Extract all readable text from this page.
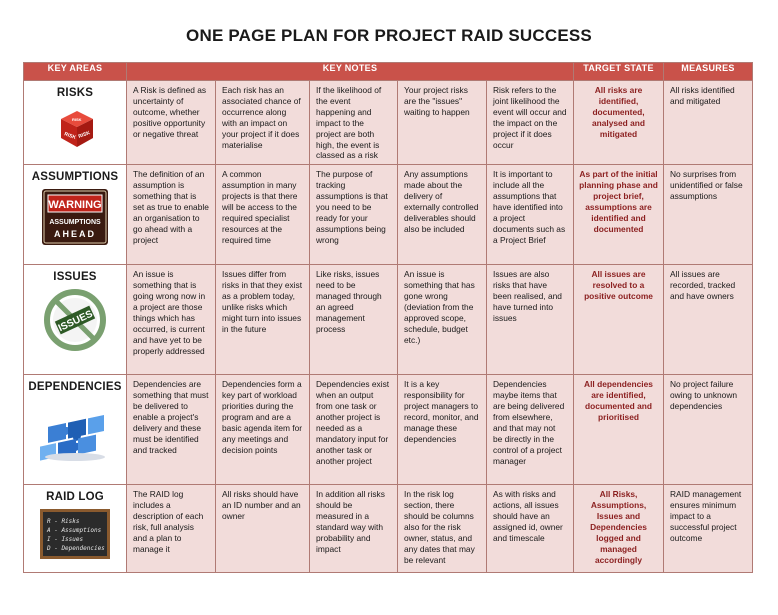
ONE PAGE PLAN FOR PROJECT RAID SUCCESS
KEY AREAS	KEY NOTES					TARGET STATE	MEASURES

RISKS
RISK RISK
RISK	A Risk is defined as uncertainty of outcome, whether positive opportunity or negative threat	Each risk has an associated chance of occurrence along with an impact on your project if it does materialise	If the likelihood of the event happening and impact to the project are both high, the event is classed as a risk	Your project risks are the "issues" waiting to happen	Risk refers to the joint likelihood the event will occur and the impact on the project if it does occur	All risks are identified, documented, analysed and mitigated	All risks identified and mitigated

ASSUMPTIONS
WARNING
ASSUMPTIONS
AHEAD	The definition of an assumption is something that is set as true to enable an organisation to go ahead with a project	A common assumption in many projects is that there will be access to the required specialist resources at the required time	The purpose of tracking assumptions is that you need to be ready for your assumptions being wrong	Any assumptions made about the delivery of externally controlled deliverables should also be included	It is important to include all the assumptions that have identified into a project documents such as a Project Brief	As part of the initial planning phase and project brief, assumptions are identified and documented	No surprises from unidentified or false assumptions

ISSUES
ISSUES	An issue is something that is going wrong now in a project are those things which has occurred, is current and have yet to be properly addressed	Issues differ from risks in that they exist as a problem today, unlike risks which might turn into issues in the future	Like risks, issues need to be managed through an agreed management process	An issue is something that has gone wrong (deviation from the approved scope, schedule, budget etc.)	Issues are also risks that have been realised, and have turned into issues	All issues are resolved to a positive outcome	All issues are recorded, tracked and have owners

DEPENDENCIES	Dependencies are something that must be delivered to enable a project's delivery and these must be identified and tracked	Dependencies form a key part of workload priorities during the program and are a basic agenda item for any meetings and decision points	Dependencies exist when an output from one task or another project is needed as a mandatory input for another task or another project	It is a key responsibility for project managers to record, monitor, and manage these dependencies	Dependencies maybe items that are being delivered from elsewhere, and that may not be directly in the control of a project manager	All dependencies are identified, documented and prioritised	No project failure owing to unknown dependencies

RAID LOG
R - Risks
A - Assumptions
I - Issues
D - Dependencies	The RAID log includes a description of each risk, full analysis and a plan to manage it	All risks should have an ID number and an owner	In addition all risks should be measured in a standard way with probability and impact	In the risk log section, there should be columns also for the risk owner, status, and any dates that may be relevant	As with risks and actions, all issues should have an assigned id, owner and timescale	All Risks, Assumptions, Issues and Dependencies logged and managed accordingly	RAID management ensures minimum impact to a successful project outcome
